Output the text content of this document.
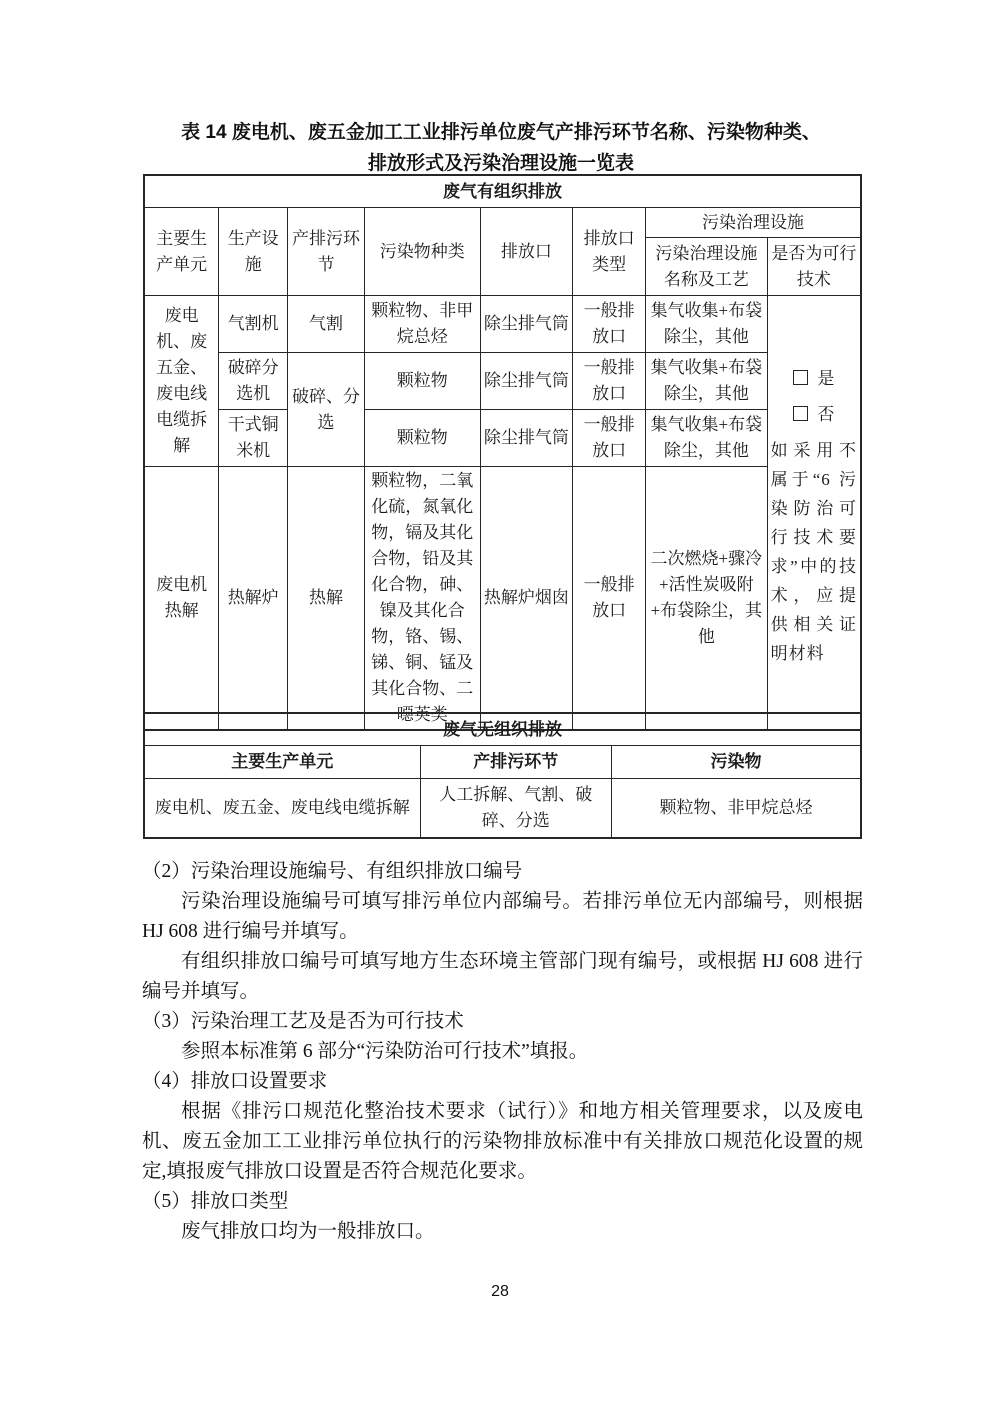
表 14 废电机、废五金加工工业排污单位废气产排污环节名称、污染物种类、
排放形式及污染治理设施一览表
废气有组织排放							
主要生产单元	生产设施	产排污环节	污染物种类	排放口	排放口类型	污染治理设施	
						污染治理设施名称及工艺	是否为可行技术
废电机、废五金、废电线电缆拆解	气割机	气割	颗粒物、非甲烷总烃	除尘排气筒	一般排放口	集气收集+布袋除尘，其他	是
否
如采用不属于“6 污染防治可行技术要求”中的技术，应提供相关证明材料

	破碎分选机	破碎、分选	颗粒物	除尘排气筒	一般排放口	集气收集+布袋除尘，其他	
	干式铜米机		颗粒物	除尘排气筒	一般排放口	集气收集+布袋除尘，其他	
废电机热解	热解炉	热解	颗粒物，二氧化硫，氮氧化物，镉及其化合物，铅及其化合物，砷、镍及其化合物，铬、锡、锑、铜、锰及其化合物、二噁英类	热解炉烟囱	一般排放口	二次燃烧+骤冷+活性炭吸附+布袋除尘，其他	
废气无组织排放		
主要生产单元	产排污环节	污染物
废电机、废五金、废电线电缆拆解	人工拆解、气割、破碎、分选	颗粒物、非甲烷总烃
（2）污染治理设施编号、有组织排放口编号
污染治理设施编号可填写排污单位内部编号。若排污单位无内部编号，则根据 HJ 608 进行编号并填写。
有组织排放口编号可填写地方生态环境主管部门现有编号，或根据 HJ 608 进行编号并填写。
（3）污染治理工艺及是否为可行技术
参照本标准第 6 部分“污染防治可行技术”填报。
（4）排放口设置要求
根据《排污口规范化整治技术要求（试行）》和地方相关管理要求，以及废电机、废五金加工工业排污单位执行的污染物排放标准中有关排放口规范化设置的规定,填报废气排放口设置是否符合规范化要求。
（5）排放口类型
废气排放口均为一般排放口。
28
